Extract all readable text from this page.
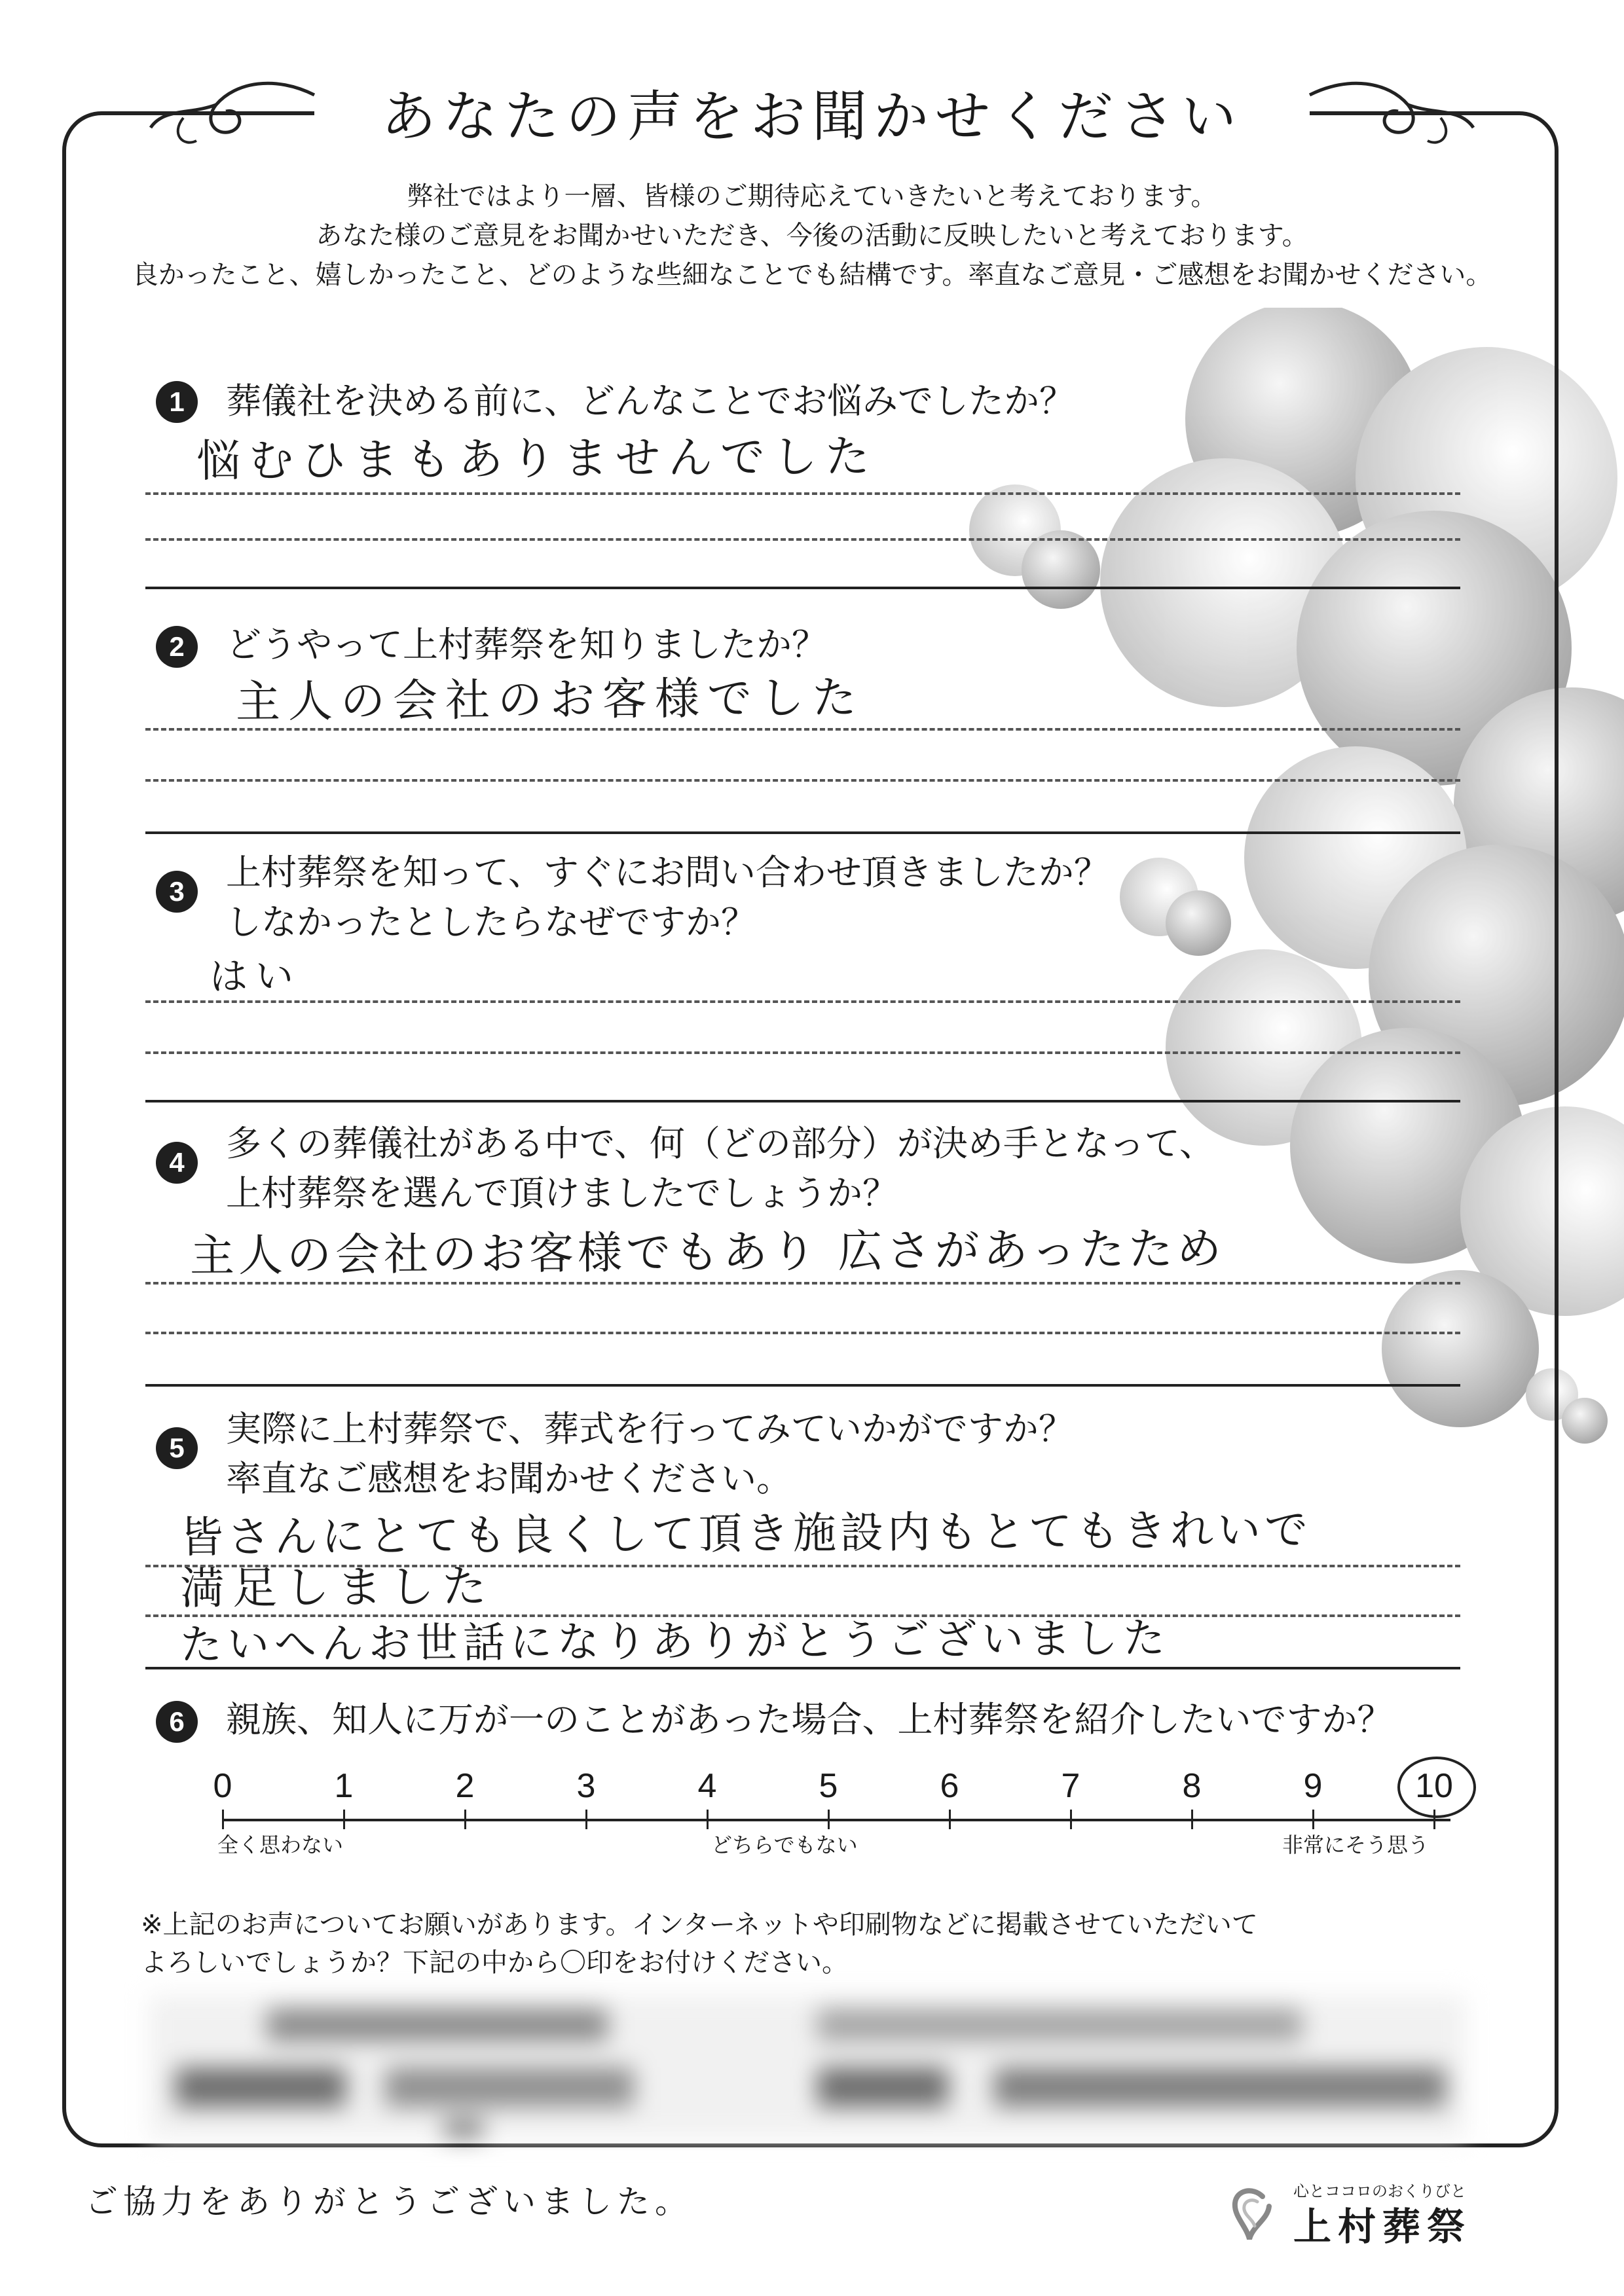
あなたの声をお聞かせください
弊社ではより一層、皆様のご期待応えていきたいと考えております。
あなた様のご意見をお聞かせいただき、今後の活動に反映したいと考えております。
良かったこと、嬉しかったこと、どのような些細なことでも結構です。率直なご意見・ご感想をお聞かせください。
1	葬儀社を決める前に、どんなことでお悩みでしたか？
悩むひまもありませんでした
2	どうやって上村葬祭を知りましたか？
主人の会社のお客様でした
3	上村葬祭を知って、すぐにお問い合わせ頂きましたか？
しなかったとしたらなぜですか？
はい
4	多くの葬儀社がある中で、何（どの部分）が決め手となって、
上村葬祭を選んで頂けましたでしょうか？
主人の会社のお客様でもあり 広さがあったため
5	実際に上村葬祭で、葬式を行ってみていかがですか？
率直なご感想をお聞かせください。
皆さんにとても良くして頂き施設内もとてもきれいで
満足しました
たいへんお世話になりありがとうございました
6	親族、知人に万が一のことがあった場合、上村葬祭を紹介したいですか？
0	1	2	3	4	5	6	7	8	9	10
全く思わない	どちらでもない	非常にそう思う
※上記のお声についてお願いがあります。インターネットや印刷物などに掲載させていただいて
よろしいでしょうか？下記の中から〇印をお付けください。
ご協力をありがとうございました。	心とココロのおくりびと
上村葬祭
